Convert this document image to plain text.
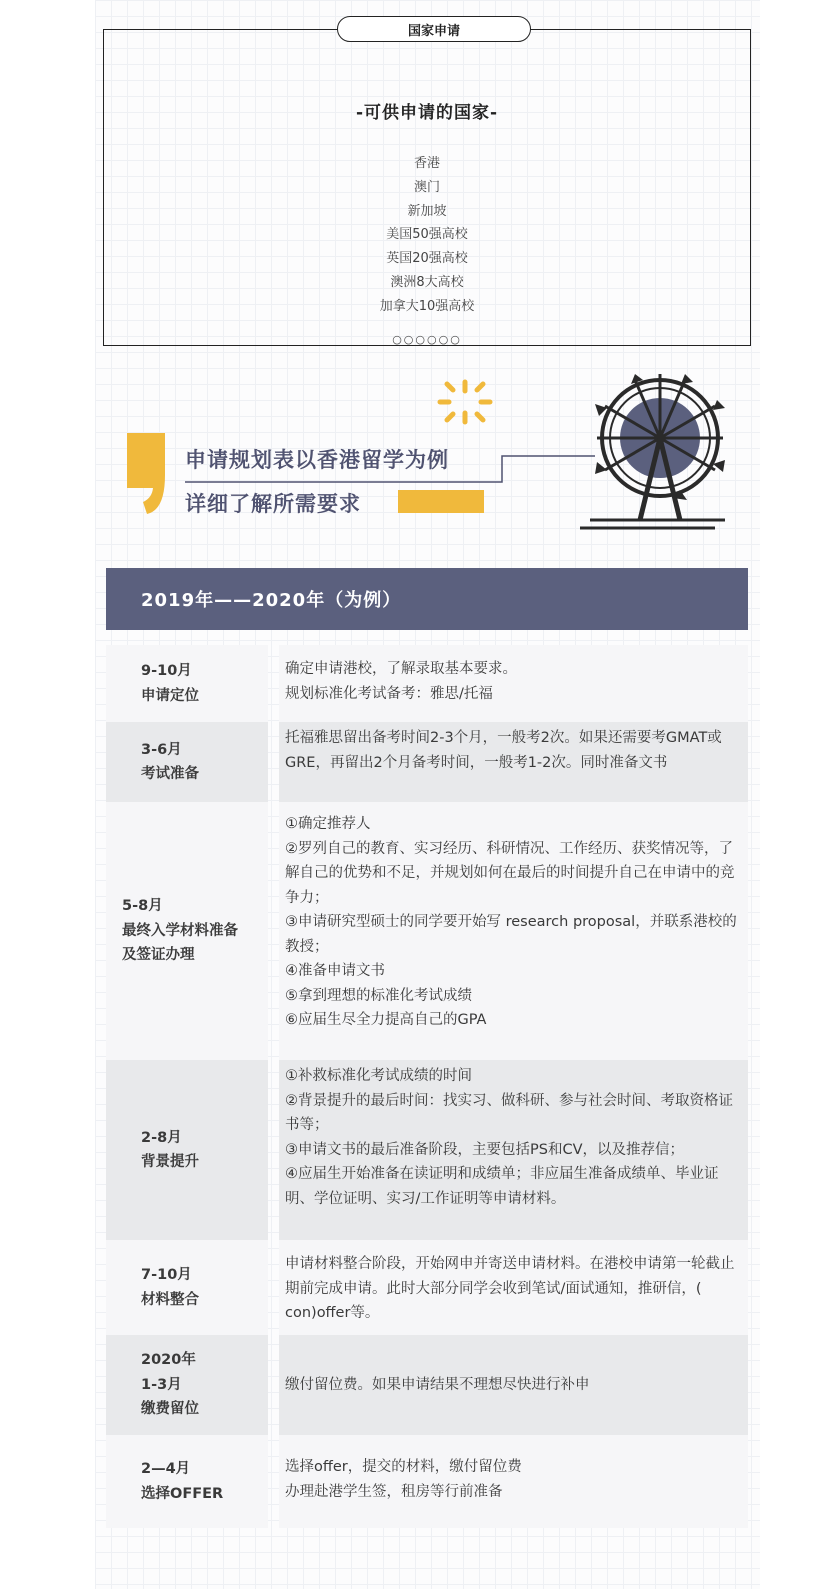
国家申请
-可供申请的国家-
香港
澳门
新加坡
美国50强高校
英国20强高校
澳洲8大高校
加拿大10强高校
○○○○○○
申请规划表以香港留学为例
详细了解所需要求
2019年——2020年（为例）
9-10月
申请定位

确定申请港校，了解录取基本要求。

规划标准化考试备考：雅思/托福

3-6月
考试准备

托福雅思留出备考时间2-3个月，一般考2次。如果还需要考GMAT或GRE，再留出2个月备考时间，一般考1-2次。同时准备文书

5-8月
最终入学材料准备
及签证办理

①确定推荐人

②罗列自己的教育、实习经历、科研情况、工作经历、获奖情况等，了解自己的优势和不足，并规划如何在最后的时间提升自己在申请中的竞争力；

③申请研究型硕士的同学要开始写 research proposal，并联系港校的教授；

④准备申请文书

⑤拿到理想的标准化考试成绩

⑥应届生尽全力提高自己的GPA

2-8月
背景提升

①补救标准化考试成绩的时间

②背景提升的最后时间：找实习、做科研、参与社会时间、考取资格证书等；

③申请文书的最后准备阶段，主要包括PS和CV，以及推荐信；

④应届生开始准备在读证明和成绩单；非应届生准备成绩单、毕业证明、学位证明、实习/工作证明等申请材料。

7-10月
材料整合

申请材料整合阶段，开始网申并寄送申请材料。在港校申请第一轮截止期前完成申请。此时大部分同学会收到笔试/面试通知，推研信，( con)offer等。

2020年
1-3月
缴费留位

缴付留位费。如果申请结果不理想尽快进行补申

2—4月
选择OFFER

选择offer，提交的材料，缴付留位费

办理赴港学生签，租房等行前准备
